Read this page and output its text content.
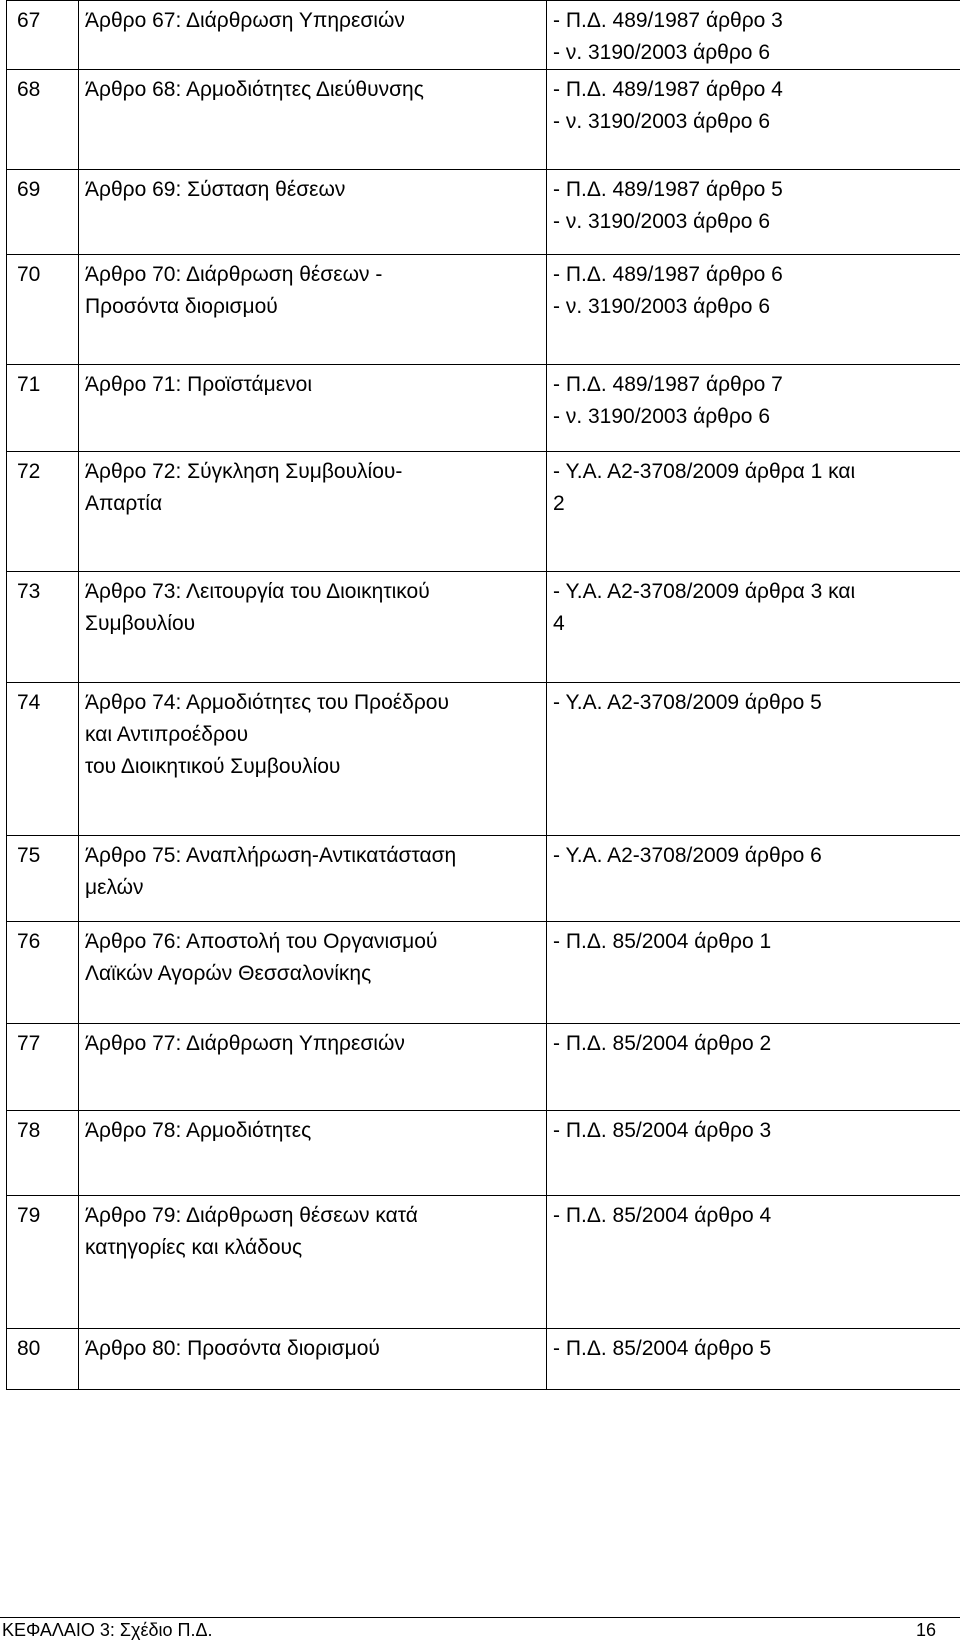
67	Άρθρο 67: Διάρθρωση Υπηρεσιών	- Π.Δ. 489/1987 άρθρο 3
- ν. 3190/2003 άρθρο 6

68	Άρθρο 68: Αρμοδιότητες Διεύθυνσης	- Π.Δ. 489/1987 άρθρο 4
- ν. 3190/2003 άρθρο 6

69	Άρθρο 69: Σύσταση θέσεων	- Π.Δ. 489/1987 άρθρο 5
- ν. 3190/2003 άρθρο 6

70	Άρθρο 70: Διάρθρωση θέσεων -
Προσόντα διορισμού	- Π.Δ. 489/1987 άρθρο 6
- ν. 3190/2003 άρθρο 6

71	Άρθρο 71: Προϊστάμενοι	- Π.Δ. 489/1987 άρθρο 7
- ν. 3190/2003 άρθρο 6

72	Άρθρο 72: Σύγκληση Συμβουλίου-
Απαρτία	- Υ.Α. Α2-3708/2009 άρθρα 1 και
2

73	Άρθρο 73: Λειτουργία του Διοικητικού
Συμβουλίου	- Υ.Α. Α2-3708/2009 άρθρα 3 και
4

74	Άρθρο 74: Αρμοδιότητες του Προέδρου
και Αντιπροέδρου
του Διοικητικού Συμβουλίου	- Υ.Α. Α2-3708/2009 άρθρο 5

75	Άρθρο 75: Αναπλήρωση-Αντικατάσταση
μελών	- Υ.Α. Α2-3708/2009 άρθρο 6

76	Άρθρο 76: Αποστολή του Οργανισμού
Λαϊκών Αγορών Θεσσαλονίκης	- Π.Δ. 85/2004 άρθρο 1

77	Άρθρο 77: Διάρθρωση Υπηρεσιών	- Π.Δ. 85/2004 άρθρο 2

78	Άρθρο 78: Αρμοδιότητες	- Π.Δ. 85/2004 άρθρο 3

79	Άρθρο 79: Διάρθρωση θέσεων κατά
κατηγορίες και κλάδους	- Π.Δ. 85/2004 άρθρο 4

80	Άρθρο 80: Προσόντα διορισμού	- Π.Δ. 85/2004 άρθρο 5
ΚΕΦΑΛΑΙΟ 3: Σχέδιο Π.Δ.	16
